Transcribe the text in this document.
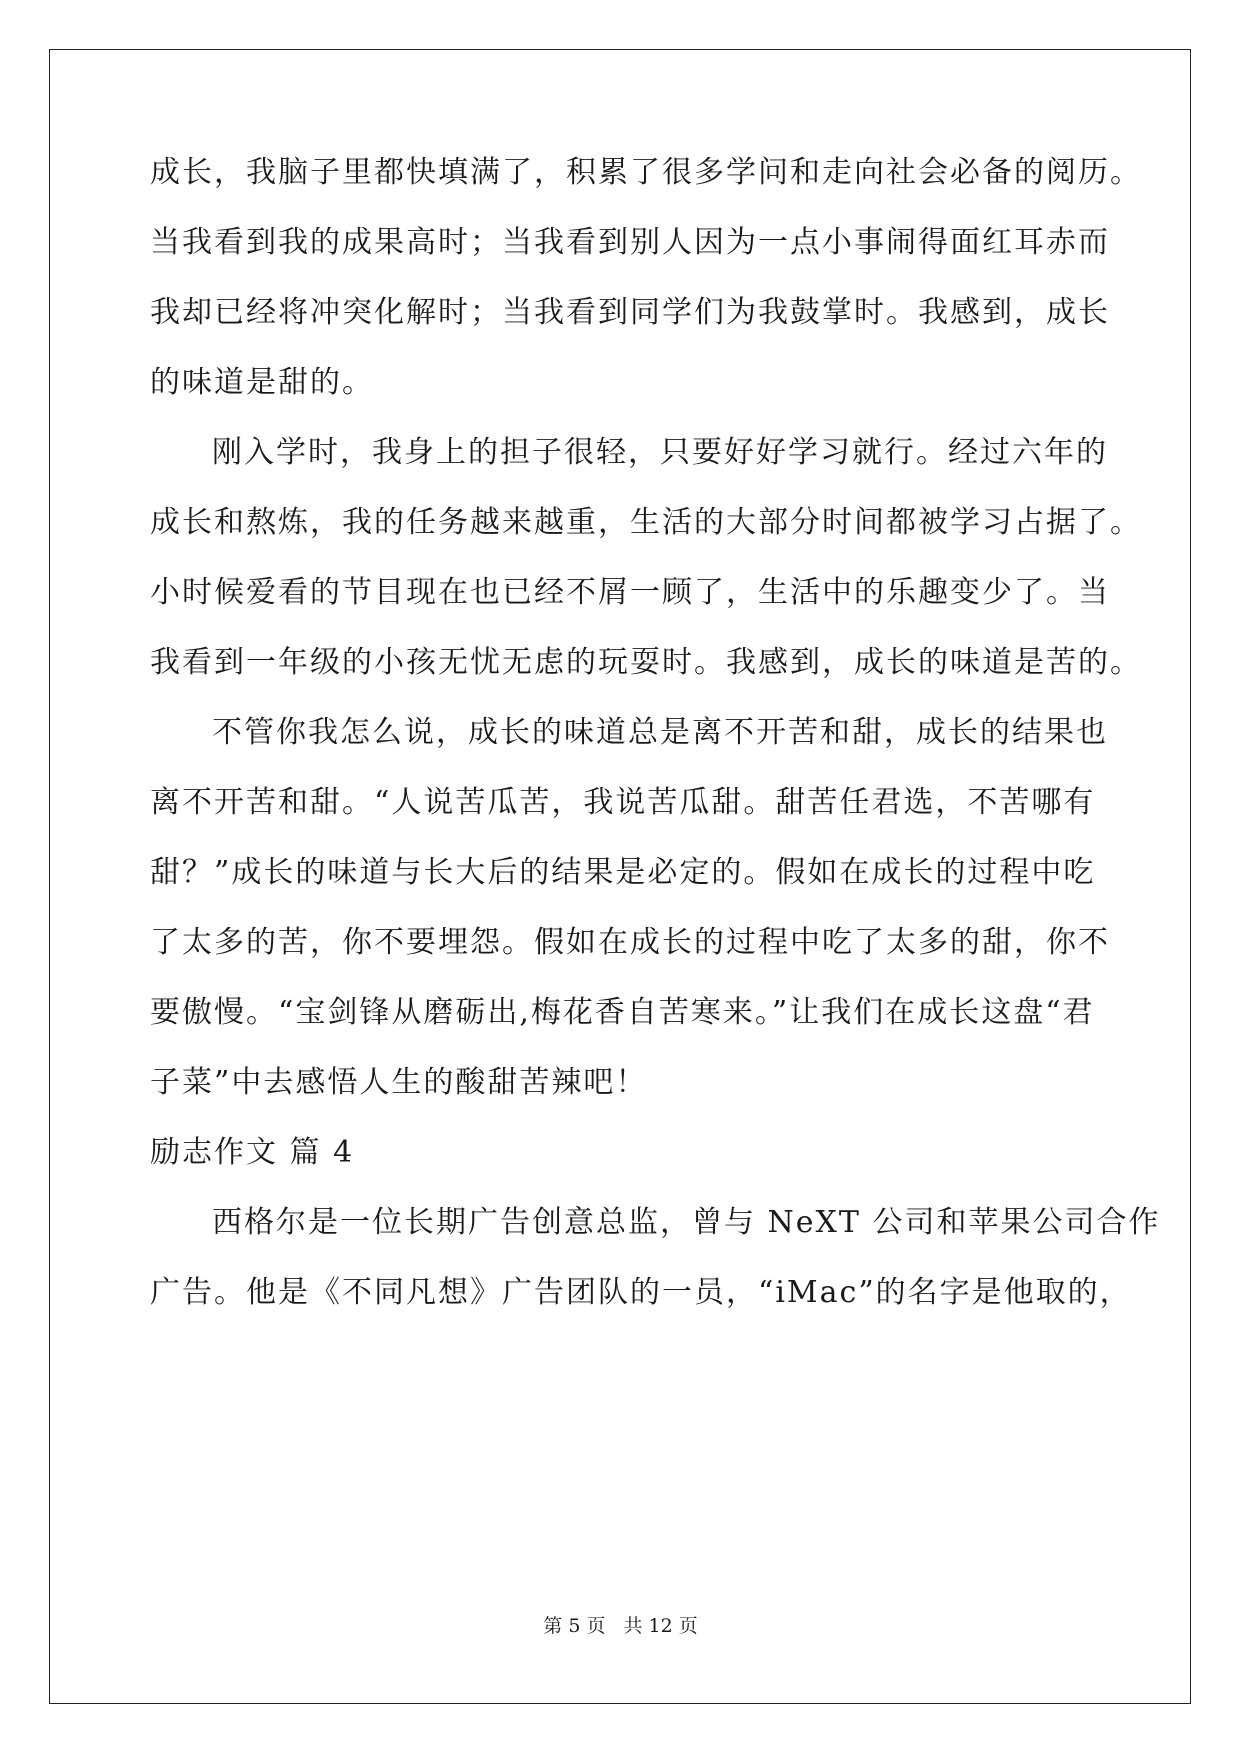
成长，我脑子里都快填满了，积累了很多学问和走向社会必备的阅历。
当我看到我的成果高时；当我看到别人因为一点小事闹得面红耳赤而
我却已经将冲突化解时；当我看到同学们为我鼓掌时。我感到，成长
的味道是甜的。
刚入学时，我身上的担子很轻，只要好好学习就行。经过六年的
成长和熬炼，我的任务越来越重，生活的大部分时间都被学习占据了。
小时候爱看的节目现在也已经不屑一顾了，生活中的乐趣变少了。当
我看到一年级的小孩无忧无虑的玩耍时。我感到，成长的味道是苦的。
不管你我怎么说，成长的味道总是离不开苦和甜，成长的结果也
离不开苦和甜。“人说苦瓜苦，我说苦瓜甜。甜苦任君选，不苦哪有
甜？”成长的味道与长大后的结果是必定的。假如在成长的过程中吃
了太多的苦，你不要埋怨。假如在成长的过程中吃了太多的甜，你不
要傲慢。“宝剑锋从磨砺出,梅花香自苦寒来。”让我们在成长这盘“君
子菜”中去感悟人生的酸甜苦辣吧！
励志作文 篇 4
西格尔是一位长期广告创意总监，曾与 NeXT 公司和苹果公司合作
广告。他是《不同凡想》广告团队的一员，“iMac”的名字是他取的，
第 5 页 共 12 页
